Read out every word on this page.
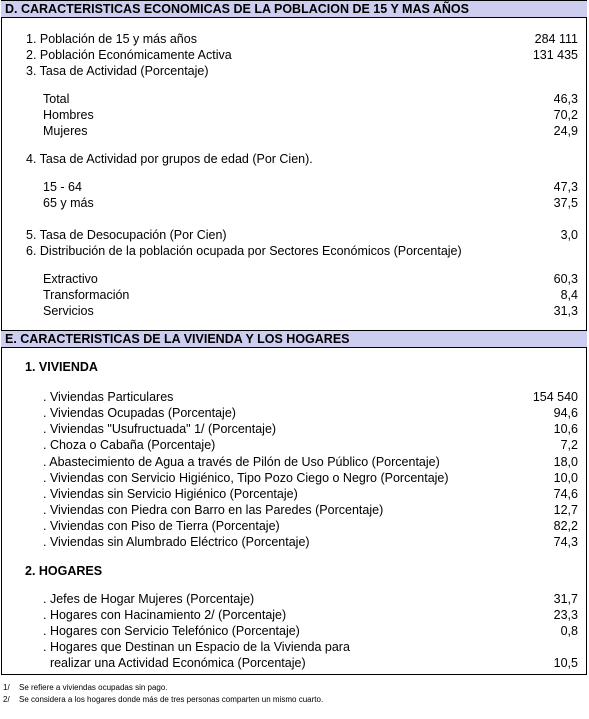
D. CARACTERISTICAS ECONOMICAS DE LA POBLACION DE 15 Y MAS AÑOS
1. Población de 15 y más años	284 111
2. Población Económicamente Activa	131 435
3. Tasa de Actividad (Porcentaje)
Total	46,3
Hombres	70,2
Mujeres	24,9
4. Tasa de Actividad por grupos de edad (Por Cien).
15 - 64	47,3
65 y más	37,5
5. Tasa de Desocupación (Por Cien)	3,0
6. Distribución de la población ocupada por Sectores Económicos (Porcentaje)
Extractivo	60,3
Transformación	8,4
Servicios	31,3
E. CARACTERISTICAS DE LA VIVIENDA Y LOS HOGARES
1. VIVIENDA
. Viviendas Particulares	154 540
. Viviendas Ocupadas (Porcentaje)	94,6
. Viviendas "Usufructuada" 1/ (Porcentaje)	10,6
. Choza o Cabaña (Porcentaje)	7,2
. Abastecimiento de Agua a través de Pilón de Uso Público (Porcentaje)	18,0
. Viviendas con Servicio Higiénico, Tipo Pozo Ciego o Negro (Porcentaje)	10,0
. Viviendas sin Servicio Higiénico (Porcentaje)	74,6
. Viviendas con Piedra con Barro en las Paredes (Porcentaje)	12,7
. Viviendas con Piso de Tierra (Porcentaje)	82,2
. Viviendas sin Alumbrado Eléctrico (Porcentaje)	74,3
2. HOGARES
. Jefes de Hogar Mujeres (Porcentaje)	31,7
. Hogares con Hacinamiento 2/ (Porcentaje)	23,3
. Hogares con Servicio Telefónico (Porcentaje)	0,8
. Hogares que Destinan un Espacio de la Vivienda para
realizar una Actividad Económica (Porcentaje)	10,5
1/ Se refiere a viviendas ocupadas sin pago.
2/ Se considera a los hogares donde más de tres personas comparten un mismo cuarto.
